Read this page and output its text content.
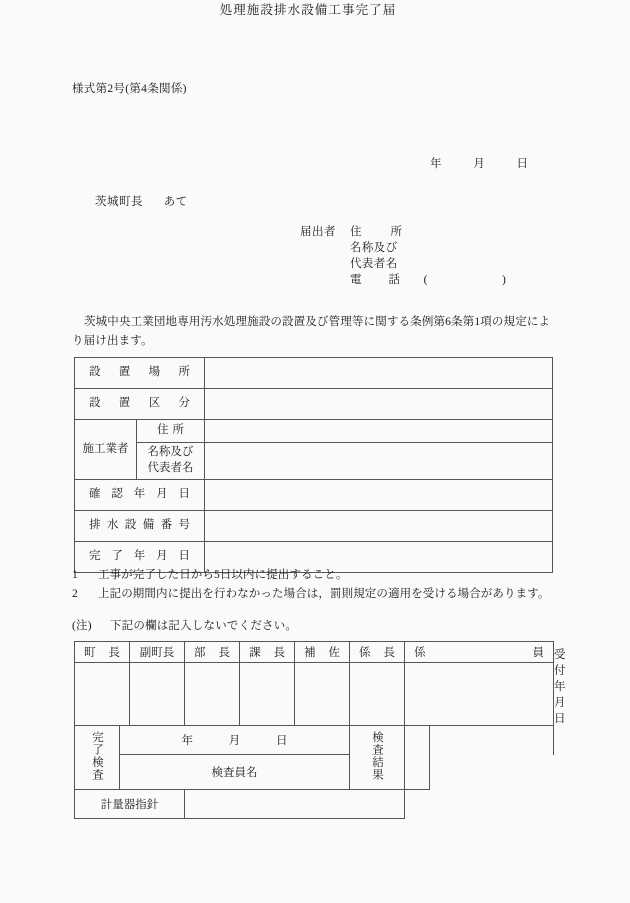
様式第2号(第4条関係)
処理施設排水設備工事完了届
年	月	日
茨城町長 あて
届出者	住 所

名称及び

代表者名

電 話 (　　　)
茨城中央工業団地専用汚水処理施設の設置及び管理等に関する条例第6条第1項の規定により届け出ます。
設置場所		

設置区分		

施工業者	住所	

	名称及び
代表者名	

確認年月日		

排水設備番号		

完了年月日		

1	工事が完了した日から5日以内に提出すること。
2	上記の期間内に提出を行わなかった場合は，罰則規定の適用を受ける場合があります。
(注) 下記の欄は記入しないでください。
町長		副町長	部長	課長	補佐	係長	係員		受付年月日

完了検査	年 月 日					検査結果			
	検査員名								
計量器指針									
